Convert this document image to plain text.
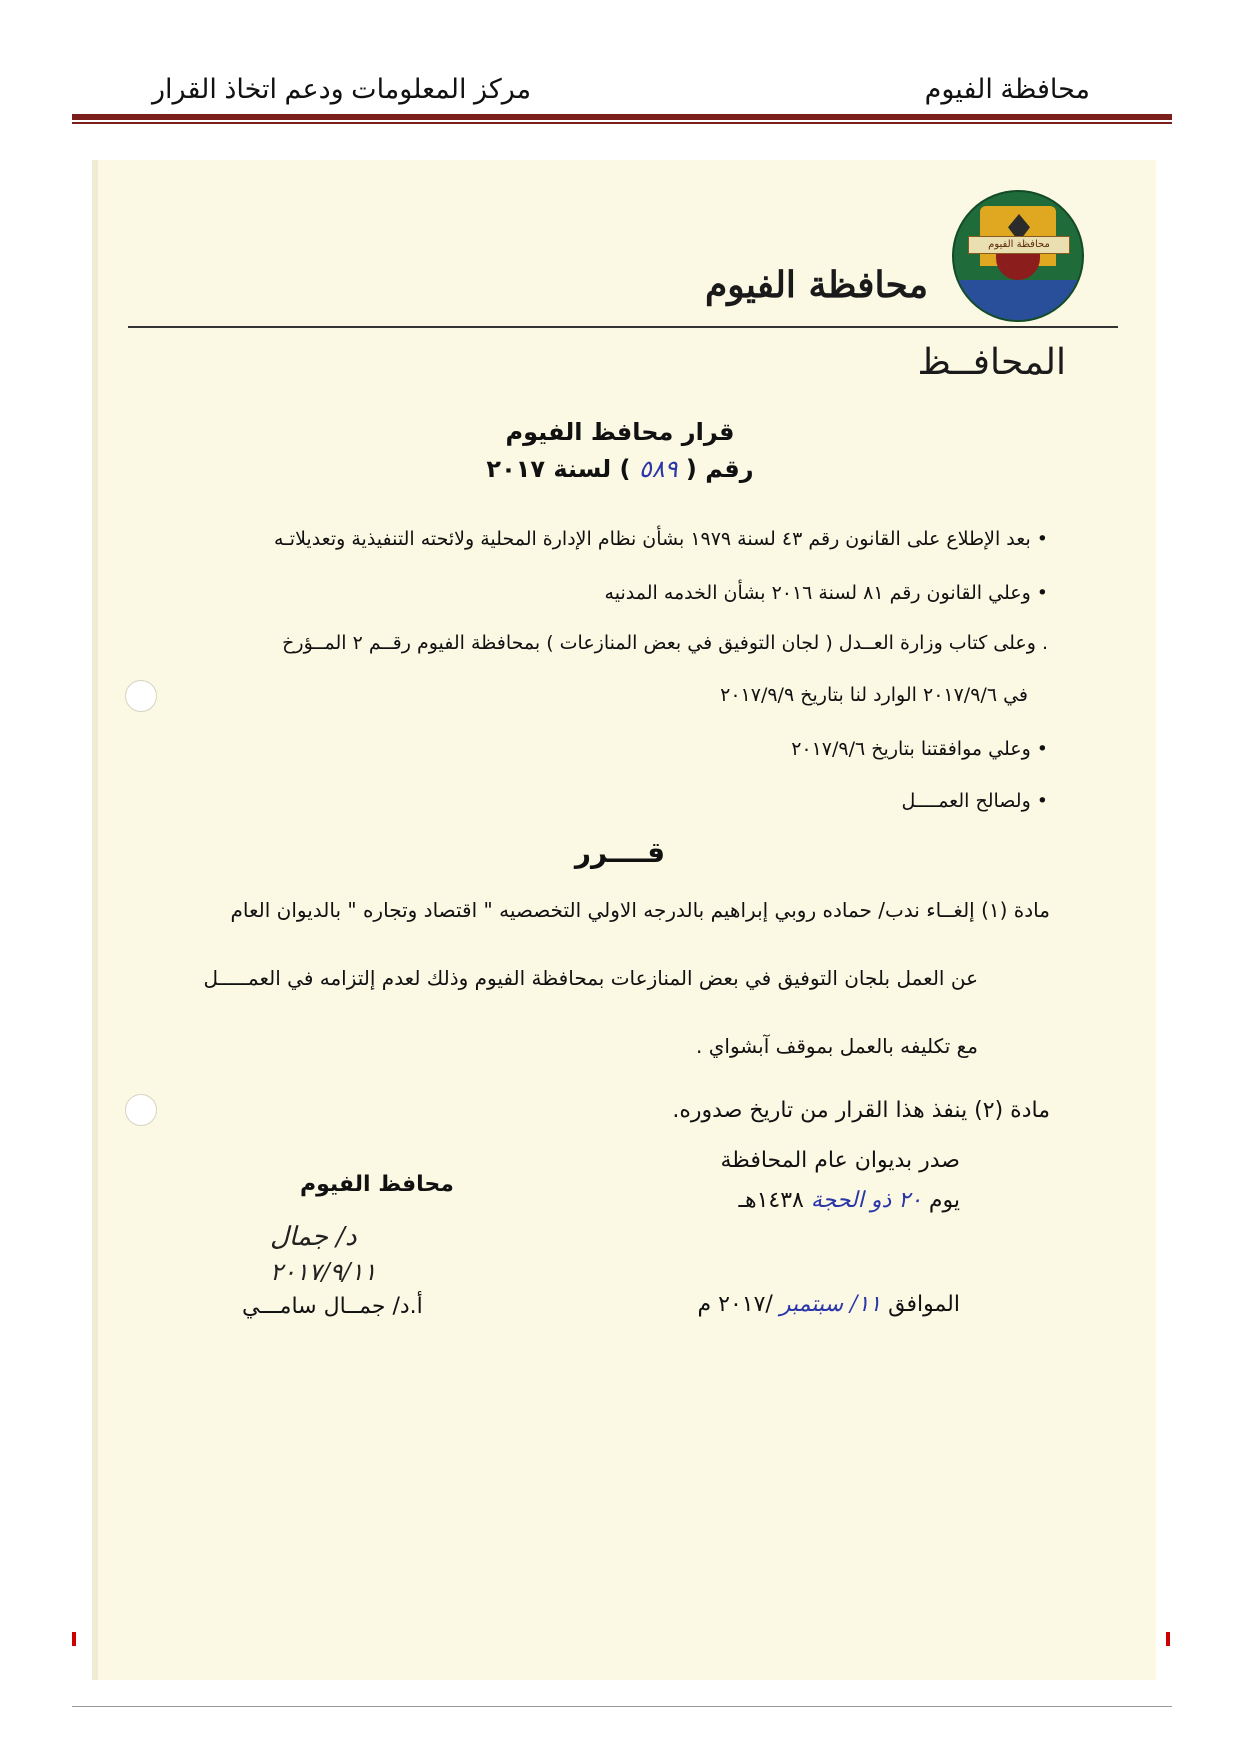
محافظة الفيوم
مركز المعلومات ودعم اتخاذ القرار
محافظة الفيوم
محافظة الفيوم
المحافــظ
قرار محافظ الفيوم
رقم ( ٥٨٩ ) لسنة ٢٠١٧
• بعد الإطلاع على القانون رقم ٤٣ لسنة ١٩٧٩ بشأن نظام الإدارة المحلية ولائحته التنفيذية وتعديلاتـه
• وعلي القانون رقم ٨١ لسنة ٢٠١٦ بشأن الخدمه المدنيه
. وعلى كتاب وزارة العــدل ( لجان التوفيق في بعض المنازعات ) بمحافظة الفيوم رقــم ٢ المــؤرخ
في ٢٠١٧/٩/٦ الوارد لنا بتاريخ ٢٠١٧/٩/٩
• وعلي موافقتنا بتاريخ ٢٠١٧/٩/٦
• ولصالح العمــــل
قــــرر
مادة (١) إلغــاء ندب/ حماده روبي إبراهيم بالدرجه الاولي التخصصيه " اقتصاد وتجاره " بالديوان العام
عن العمل بلجان التوفيق في بعض المنازعات بمحافظة الفيوم وذلك لعدم إلتزامه في العمـــــل
مع تكليفه بالعمل بموقف آبشواي .
مادة (٢) ينفذ هذا القرار من تاريخ صدوره.
صدر بديوان عام المحافظة
يوم ٢٠ ذو الحجة ١٤٣٨هـ
الموافق ١١/ سبتمبر /٢٠١٧ م
محافظ الفيوم
د/ جمال
٢٠١٧/٩/١١
أ.د/ جمــال سامـــي
